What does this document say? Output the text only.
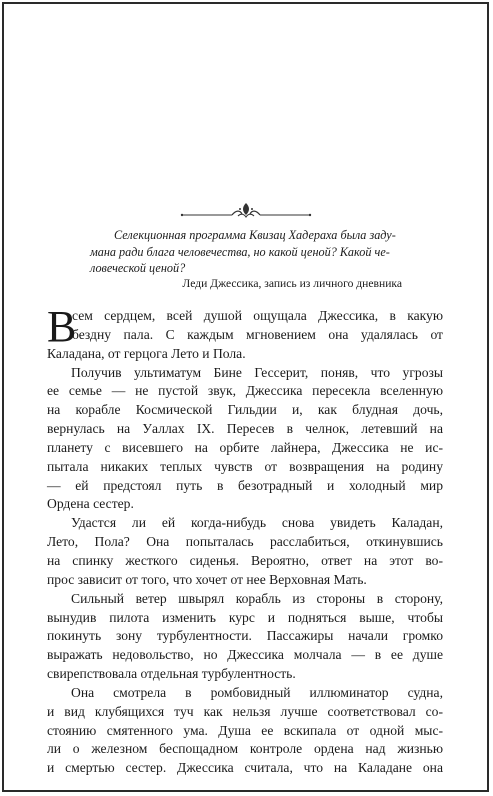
Селекционная программа Квизац Хадераха была заду-
мана ради блага человечества, но какой ценой? Какой че-
ловеческой ценой?
Леди Джессика, запись из личного дневника
В
сем сердцем, всей душой ощущала Джессика, в какую
бездну пала. С каждым мгновением она удалялась от
Каладана, от герцога Лето и Пола.
Получив ультиматум Бине Гессерит, поняв, что угрозы
ее семье — не пустой звук, Джессика пересекла вселенную
на корабле Космической Гильдии и, как блудная дочь,
вернулась на Уаллах IX. Пересев в челнок, летевший на
планету с висевшего на орбите лайнера, Джессика не ис-
пытала никаких теплых чувств от возвращения на родину
— ей предстоял путь в безотрадный и холодный мир
Ордена сестер.
Удастся ли ей когда-нибудь снова увидеть Каладан,
Лето, Пола? Она попыталась расслабиться, откинувшись
на спинку жесткого сиденья. Вероятно, ответ на этот во-
прос зависит от того, что хочет от нее Верховная Мать.
Сильный ветер швырял корабль из стороны в сторону,
вынудив пилота изменить курс и подняться выше, чтобы
покинуть зону турбулентности. Пассажиры начали громко
выражать недовольство, но Джессика молчала — в ее душе
свирепствовала отдельная турбулентность.
Она смотрела в ромбовидный иллюминатор судна,
и вид клубящихся туч как нельзя лучше соответствовал со-
стоянию смятенного ума. Душа ее вскипала от одной мыс-
ли о железном беспощадном контроле ордена над жизнью
и смертью сестер. Джессика считала, что на Каладане она
